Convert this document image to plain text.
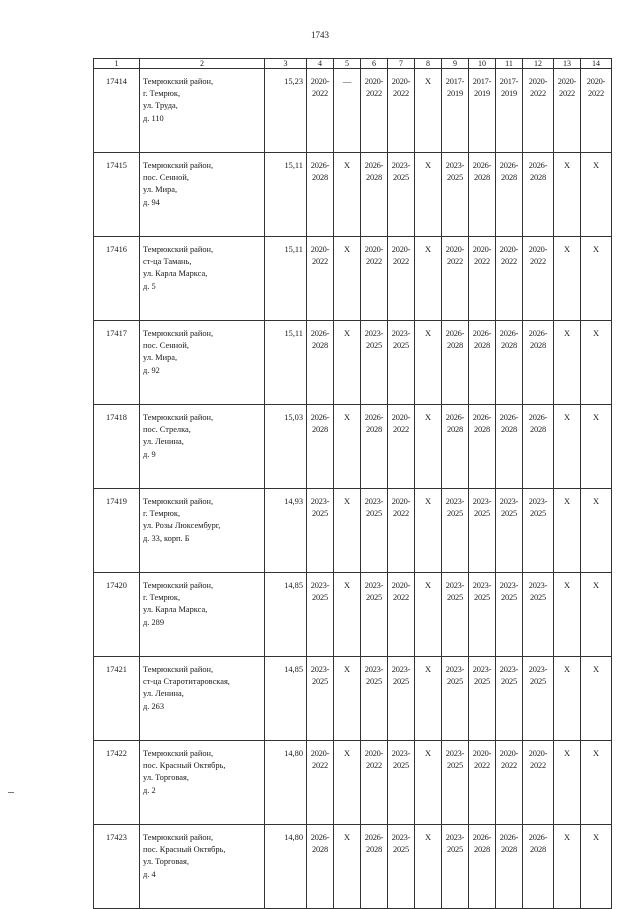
1743
1	2	3	4	5	6	7	8	9	10	11	12	13	14
17414	Темрюкский район,
г. Темрюк,
ул. Труда,
д. 110	15,23	2020-
2022	—	2020-
2022	2020-
2022	X	2017-
2019	2017-
2019	2017-
2019	2020-
2022	2020-
2022	2020-
2022

17415	Темрюкский район,
пос. Сенной,
ул. Мира,
д. 94	15,11	2026-
2028	X	2026-
2028	2023-
2025	X	2023-
2025	2026-
2028	2026-
2028	2026-
2028	X	X

17416	Темрюкский район,
ст-ца Тамань,
ул. Карла Маркса,
д. 5	15,11	2020-
2022	X	2020-
2022	2020-
2022	X	2020-
2022	2020-
2022	2020-
2022	2020-
2022	X	X

17417	Темрюкский район,
пос. Сенной,
ул. Мира,
д. 92	15,11	2026-
2028	X	2023-
2025	2023-
2025	X	2026-
2028	2026-
2028	2026-
2028	2026-
2028	X	X

17418	Темрюкский район,
пос. Стрелка,
ул. Ленина,
д. 9	15,03	2026-
2028	X	2026-
2028	2020-
2022	X	2026-
2028	2026-
2028	2026-
2028	2026-
2028	X	X

17419	Темрюкский район,
г. Темрюк,
ул. Розы Люксембург,
д. 33, корп. Б	14,93	2023-
2025	X	2023-
2025	2020-
2022	X	2023-
2025	2023-
2025	2023-
2025	2023-
2025	X	X

17420	Темрюкский район,
г. Темрюк,
ул. Карла Маркса,
д. 289	14,85	2023-
2025	X	2023-
2025	2020-
2022	X	2023-
2025	2023-
2025	2023-
2025	2023-
2025	X	X

17421	Темрюкский район,
ст-ца Старотитаровская,
ул. Ленина,
д. 263	14,85	2023-
2025	X	2023-
2025	2023-
2025	X	2023-
2025	2023-
2025	2023-
2025	2023-
2025	X	X

17422	Темрюкский район,
пос. Красный Октябрь,
ул. Торговая,
д. 2	14,80	2020-
2022	X	2020-
2022	2023-
2025	X	2023-
2025	2020-
2022	2020-
2022	2020-
2022	X	X

17423	Темрюкский район,
пос. Красный Октябрь,
ул. Торговая,
д. 4	14,80	2026-
2028	X	2026-
2028	2023-
2025	X	2023-
2025	2026-
2028	2026-
2028	2026-
2028	X	X
